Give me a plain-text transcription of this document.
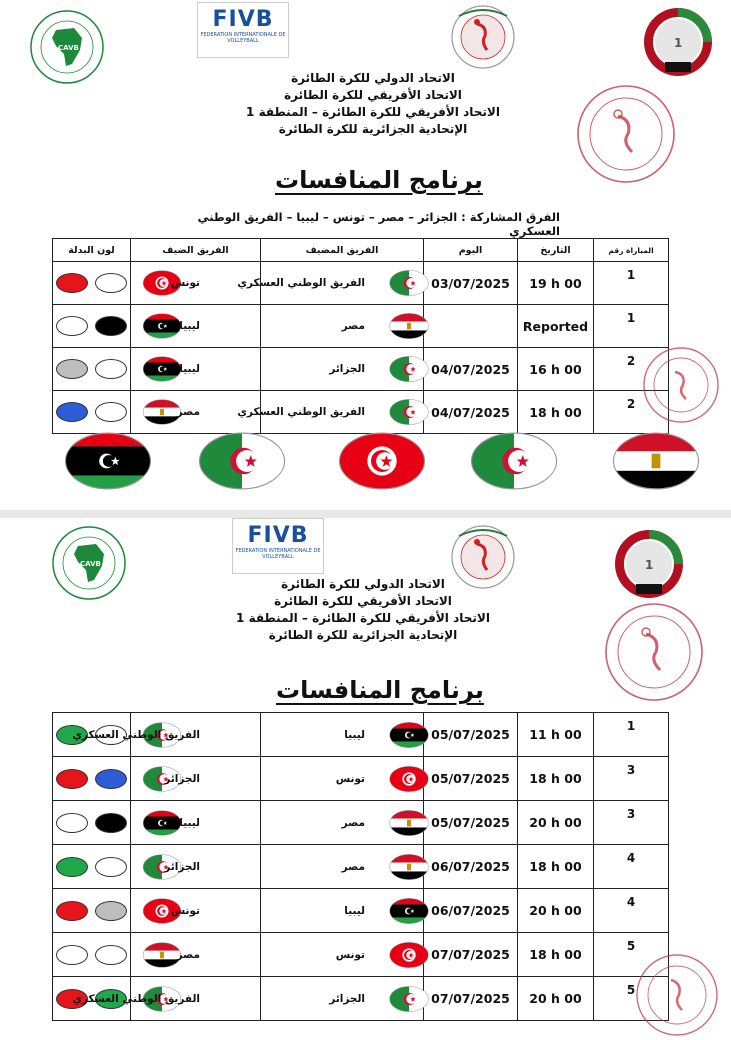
CAVB
FIVB
FEDERATION INTERNATIONALE DE VOLLEYBALL	1
الاتحاد الدولي للكرة الطائرة
الاتحاد الأفريقي للكرة الطائرة
الاتحاد الأفريقي للكرة الطائرة – المنطقة 1
الإتحادية الجزائرية للكرة الطائرة
برنامج المنافسات
الفرق المشاركة : الجزائر – مصر – تونس – ليبيا – الفريق الوطني العسكري
لون البدلة	الفريق الضيف	الفريق المضيف	اليوم	التاريخ	المباراة رقم

	تونس	الفريق الوطني العسكري	03/07/2025	19 h 00	1

	ليبيا	مصر		Reported	1

	ليبيا	الجزائر	04/07/2025	16 h 00	2

	مصر	الفريق الوطني العسكري	04/07/2025	18 h 00	2
CAVB
FIVB
FEDERATION INTERNATIONALE DE VOLLEYBALL
1
الاتحاد الدولي للكرة الطائرة
الاتحاد الأفريقي للكرة الطائرة
الاتحاد الأفريقي للكرة الطائرة – المنطقة 1
الإتحادية الجزائرية للكرة الطائرة
برنامج المنافسات

	الفريق الوطني العسكري	ليبيا	05/07/2025	11 h 00	1

	الجزائر	تونس	05/07/2025	18 h 00	3

	ليبيا	مصر	05/07/2025	20 h 00	3

	الجزائر	مصر	06/07/2025	18 h 00	4

	تونس	ليبيا	06/07/2025	20 h 00	4

	مصر	تونس	07/07/2025	18 h 00	5

	الفريق الوطني العسكري	الجزائر	07/07/2025	20 h 00	5
